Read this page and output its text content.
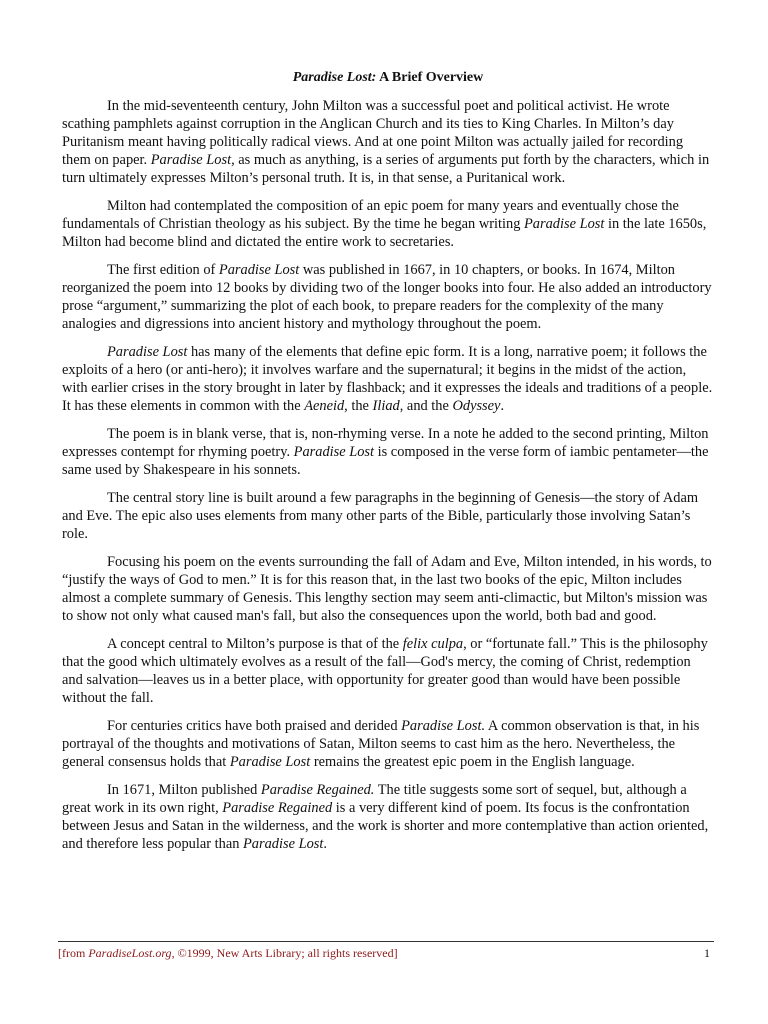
Paradise Lost: A Brief Overview

In the mid-seventeenth century, John Milton was a successful poet and political activist. He wrote scathing pamphlets against corruption in the Anglican Church and its ties to King Charles. In Milton’s day Puritanism meant having politically radical views. And at one point Milton was actually jailed for recording them on paper. Paradise Lost, as much as anything, is a series of arguments put forth by the characters, which in turn ultimately expresses Milton’s personal truth. It is, in that sense, a Puritanical work.

Milton had contemplated the composition of an epic poem for many years and eventually chose the fundamentals of Christian theology as his subject. By the time he began writing Paradise Lost in the late 1650s, Milton had become blind and dictated the entire work to secretaries.

The first edition of Paradise Lost was published in 1667, in 10 chapters, or books. In 1674, Milton reorganized the poem into 12 books by dividing two of the longer books into four. He also added an introductory prose “argument,” summarizing the plot of each book, to prepare readers for the complexity of the many analogies and digressions into ancient history and mythology throughout the poem.

Paradise Lost has many of the elements that define epic form. It is a long, narrative poem; it follows the exploits of a hero (or anti-hero); it involves warfare and the supernatural; it begins in the midst of the action, with earlier crises in the story brought in later by flashback; and it expresses the ideals and traditions of a people. It has these elements in common with the Aeneid, the Iliad, and the Odyssey.

The poem is in blank verse, that is, non-rhyming verse. In a note he added to the second printing, Milton expresses contempt for rhyming poetry. Paradise Lost is composed in the verse form of iambic pentameter—the same used by Shakespeare in his sonnets.

The central story line is built around a few paragraphs in the beginning of Genesis—the story of Adam and Eve. The epic also uses elements from many other parts of the Bible, particularly those involving Satan’s role.

Focusing his poem on the events surrounding the fall of Adam and Eve, Milton intended, in his words, to “justify the ways of God to men.” It is for this reason that, in the last two books of the epic, Milton includes almost a complete summary of Genesis. This lengthy section may seem anti-climactic, but Milton's mission was to show not only what caused man's fall, but also the consequences upon the world, both bad and good.

A concept central to Milton’s purpose is that of the felix culpa, or “fortunate fall.” This is the philosophy that the good which ultimately evolves as a result of the fall—God's mercy, the coming of Christ, redemption and salvation—leaves us in a better place, with opportunity for greater good than would have been possible without the fall.

For centuries critics have both praised and derided Paradise Lost. A common observation is that, in his portrayal of the thoughts and motivations of Satan, Milton seems to cast him as the hero. Nevertheless, the general consensus holds that Paradise Lost remains the greatest epic poem in the English language.

In 1671, Milton published Paradise Regained. The title suggests some sort of sequel, but, although a great work in its own right, Paradise Regained is a very different kind of poem. Its focus is the confrontation between Jesus and Satan in the wilderness, and the work is shorter and more contemplative than action oriented, and therefore less popular than Paradise Lost.

[from ParadiseLost.org, ©1999, New Arts Library; all rights reserved]	1
